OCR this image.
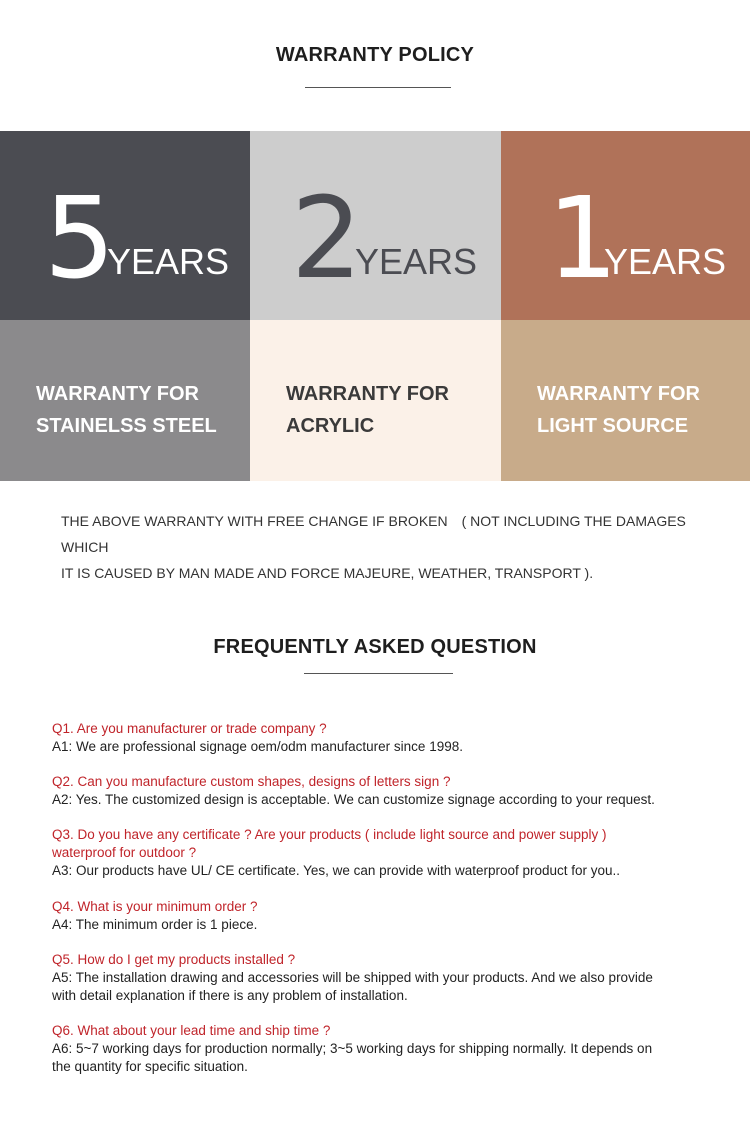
WARRANTY POLICY
5
YEARS 2
YEARS 1
YEARS
WARRANTY FOR
STAINELSS STEEL
WARRANTY FOR
ACRYLIC
WARRANTY FOR
LIGHT SOURCE
THE ABOVE WARRANTY WITH FREE CHANGE IF BROKEN　( NOT INCLUDING THE DAMAGES WHICH
IT IS CAUSED BY MAN MADE AND FORCE MAJEURE, WEATHER, TRANSPORT ).
FREQUENTLY ASKED QUESTION
Q1. Are you manufacturer or trade company ?
A1: We are professional signage oem/odm manufacturer since 1998.
Q2. Can you manufacture custom shapes, designs of letters sign ?
A2: Yes. The customized design is acceptable. We can customize signage according to your request.
Q3. Do you have any certificate ? Are your products ( include light source and power supply )
waterproof for outdoor ?
A3: Our products have UL/ CE certificate. Yes, we can provide with waterproof product for you..
Q4. What is your minimum order ?
A4: The minimum order is 1 piece.
Q5. How do I get my products installed ?
A5: The installation drawing and accessories will be shipped with your products. And we also provide
with detail explanation if there is any problem of installation.
Q6. What about your lead time and ship time ?
A6: 5~7 working days for production normally; 3~5 working days for shipping normally. It depends on
the quantity for specific situation.
